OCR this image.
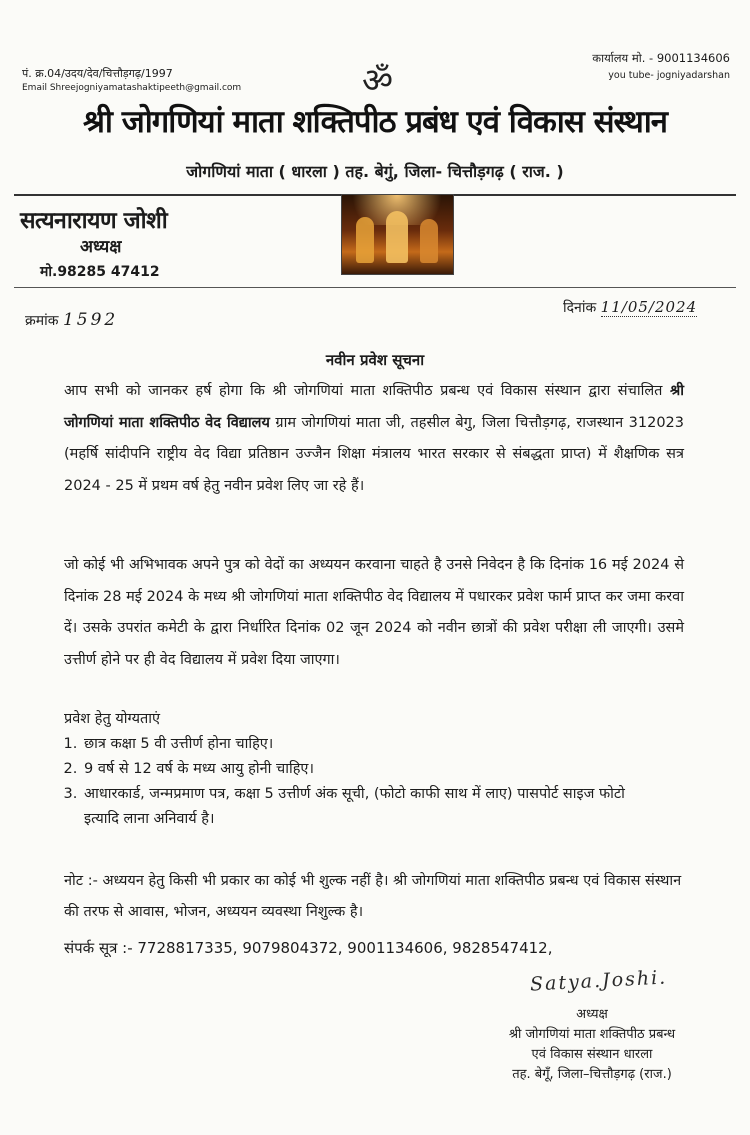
पं. क्र.04/उदय/देव/चित्तौड़गढ़/1997
Email Shreejogniyamatashaktipeeth@gmail.com
कार्यालय मो. - 9001134606
you tube- jogniyadarshan
ॐ
श्री जोगणियां माता शक्तिपीठ प्रबंध एवं विकास संस्थान
जोगणियां माता ( धारला ) तह. बेगुं, जिला- चित्तौड़गढ़ ( राज. )
सत्यनारायण जोशी
अध्यक्ष
मो.98285 47412
क्रमांक 1592
दिनांक 11/05/2024
नवीन प्रवेश सूचना
आप सभी को जानकर हर्ष होगा कि श्री जोगणियां माता शक्तिपीठ प्रबन्ध एवं विकास संस्थान द्वारा संचालित श्री जोगणियां माता शक्तिपीठ वेद विद्यालय ग्राम जोगणियां माता जी, तहसील बेगु, जिला चित्तौड़गढ़, राजस्थान 312023 (महर्षि सांदीपनि राष्ट्रीय वेद विद्या प्रतिष्ठान उज्जैन शिक्षा मंत्रालय भारत सरकार से संबद्धता प्राप्त) में शैक्षणिक सत्र 2024 - 25 में प्रथम वर्ष हेतु नवीन प्रवेश लिए जा रहे हैं।
जो कोई भी अभिभावक अपने पुत्र को वेदों का अध्ययन करवाना चाहते है उनसे निवेदन है कि दिनांक 16 मई 2024 से दिनांक 28 मई 2024 के मध्य श्री जोगणियां माता शक्तिपीठ वेद विद्यालय में पधारकर प्रवेश फार्म प्राप्त कर जमा करवा दें। उसके उपरांत कमेटी के द्वारा निर्धारित दिनांक 02 जून 2024 को नवीन छात्रों की प्रवेश परीक्षा ली जाएगी। उसमे उत्तीर्ण होने पर ही वेद विद्यालय में प्रवेश दिया जाएगा।
प्रवेश हेतु योग्यताएं
1. छात्र कक्षा 5 वी उत्तीर्ण होना चाहिए।
2. 9 वर्ष से 12 वर्ष के मध्य आयु होनी चाहिए।
3. आधारकार्ड, जन्मप्रमाण पत्र, कक्षा 5 उत्तीर्ण अंक सूची, (फोटो काफी साथ में लाए) पासपोर्ट साइज फोटो इत्यादि लाना अनिवार्य है।
नोट :- अध्ययन हेतु किसी भी प्रकार का कोई भी शुल्क नहीं है। श्री जोगणियां माता शक्तिपीठ प्रबन्ध एवं विकास संस्थान की तरफ से आवास, भोजन, अध्ययन व्यवस्था निशुल्क है।
संपर्क सूत्र :- 7728817335, 9079804372, 9001134606, 9828547412,
Satya.Joshi.
अध्यक्ष
श्री जोगणियां माता शक्तिपीठ प्रबन्ध
एवं विकास संस्थान धारला
तह. बेगूँ, जिला–चित्तौड़गढ़ (राज.)
